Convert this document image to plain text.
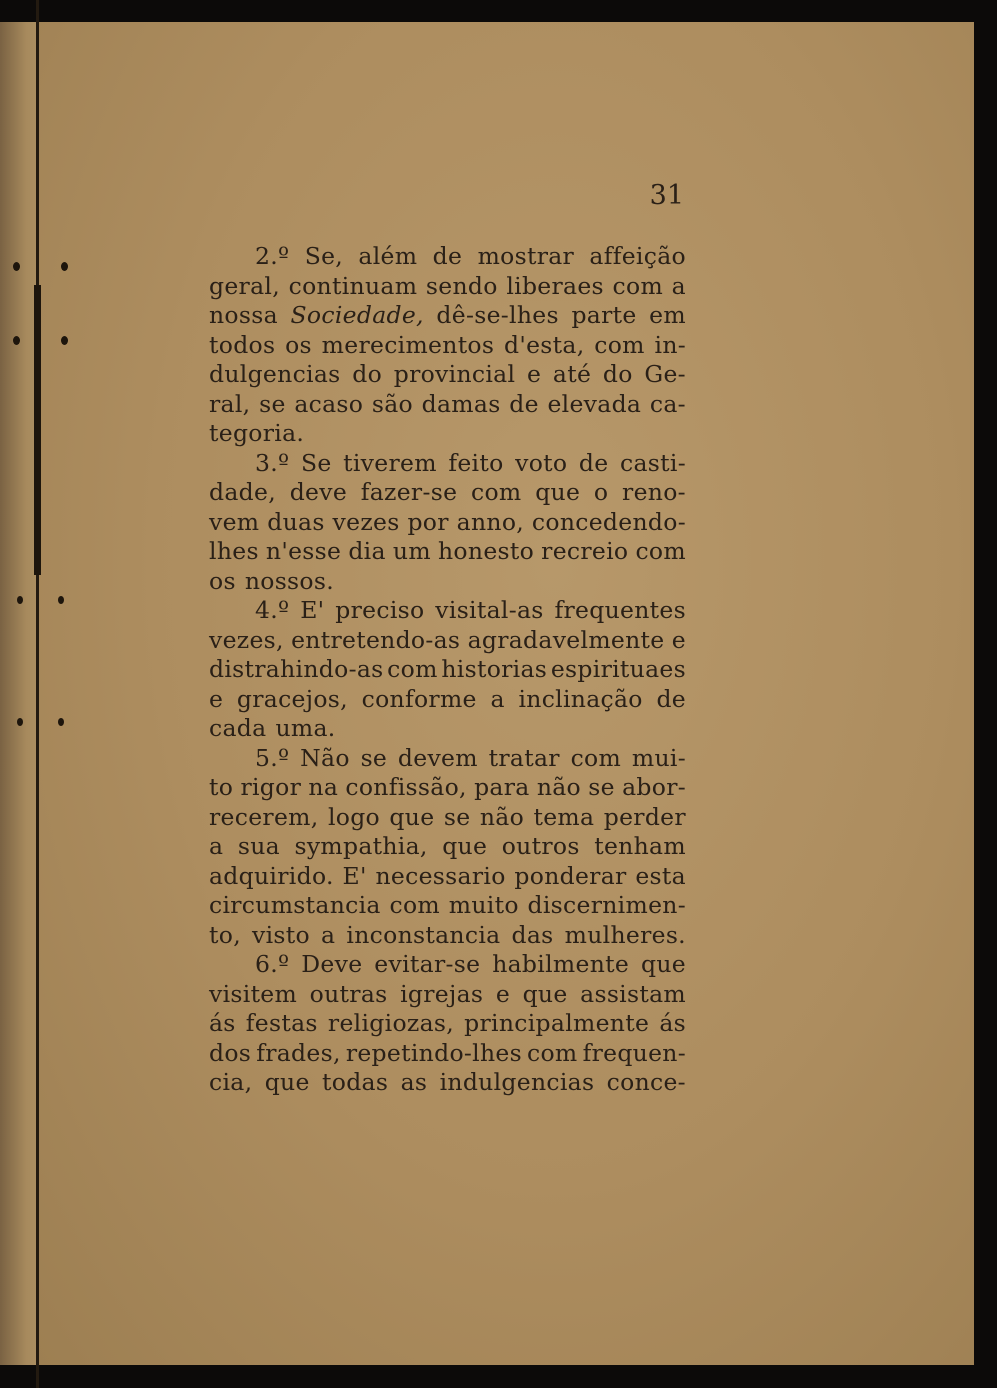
31
2.º Se, além de mostrar affeição
geral, continuam sendo liberaes com a
nossa Sociedade, dê-se-lhes parte em
todos os merecimentos d'esta, com in-
dulgencias do provincial e até do Ge-
ral, se acaso são damas de elevada ca-
tegoria.
3.º Se tiverem feito voto de casti-
dade, deve fazer-se com que o reno-
vem duas vezes por anno, concedendo-
lhes n'esse dia um honesto recreio com
os nossos.
4.º E' preciso visital-as frequentes
vezes, entretendo-as agradavelmente e
distrahindo-as com historias espirituaes
e gracejos, conforme a inclinação de
cada uma.
5.º Não se devem tratar com mui-
to rigor na confissão, para não se abor-
recerem, logo que se não tema perder
a sua sympathia, que outros tenham
adquirido. E' necessario ponderar esta
circumstancia com muito discernimen-
to, visto a inconstancia das mulheres.
6.º Deve evitar-se habilmente que
visitem outras igrejas e que assistam
ás festas religiozas, principalmente ás
dos frades, repetindo-lhes com frequen-
cia, que todas as indulgencias conce-
